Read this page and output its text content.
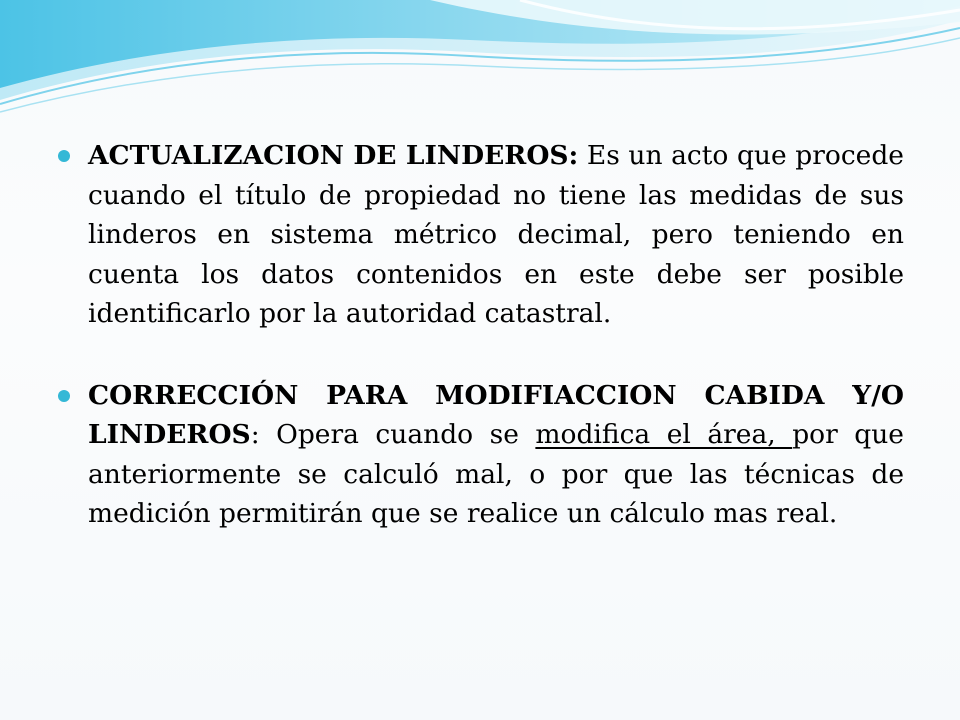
ACTUALIZACION DE LINDEROS: Es un acto que procede cuando el título de propiedad no tiene las medidas de sus linderos en sistema métrico decimal, pero teniendo en cuenta los datos contenidos en este debe ser posible identificarlo por la autoridad catastral.
CORRECCIÓN PARA MODIFIACCION CABIDA Y/O LINDEROS: Opera cuando se modifica el área, por que anteriormente se calculó mal, o por que las técnicas de medición permitirán que se realice un cálculo mas real.
